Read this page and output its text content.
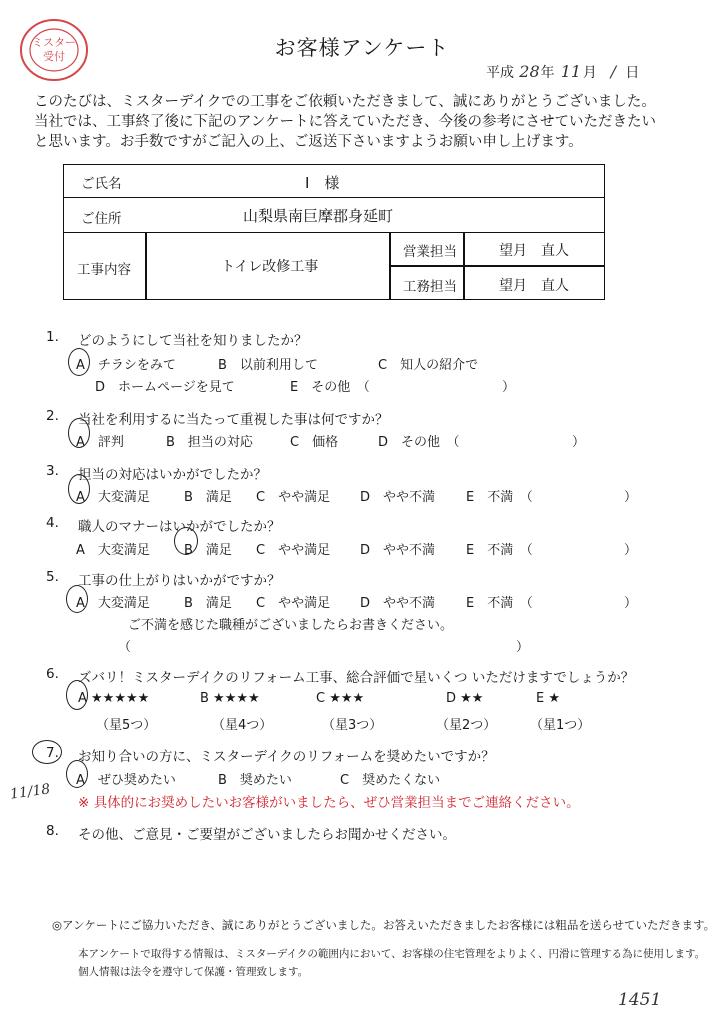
ミスター
受付	お客様アンケート
平成 28年 11 月 / 日
このたびは、ミスターデイクでの工事をご依頼いただきまして、誠にありがとうございました。
当社では、工事終了後に下記のアンケートに答えていただき、今後の参考にさせていただきたい
と思います。お手数ですがご記入の上、ご返送下さいますようお願い申し上げます。
ご氏名	I　様
ご住所	山梨県南巨摩郡身延町
工事内容	トイレ改修工事
営業担当	望月　直人
工務担当	望月　直人
1. どのようにして当社を知りましたか？
A　チラシをみて	B　以前利用して	C　知人の紹介で
D　ホームページを見て	E　その他　（	）
2. 当社を利用するに当たって重視した事は何ですか？
A　評判	B　担当の対応	C　価格	D　その他　（	）
3. 担当の対応はいかがでしたか？
A　大変満足	B　満足 C　やや満足 D　やや不満 E　不満　（	）
4. 職人のマナーはいかがでしたか？
A　大変満足	B　満足 C　やや満足 D　やや不満 E　不満　（	）
5. 工事の仕上がりはいかがですか？
A　大変満足	B　満足 C　やや満足 D　やや不満 E　不満　（	）
ご不満を感じた職種がございましたらお書きください。
（	）
6. ズバリ！ミスターデイクのリフォーム工事、総合評価で星いくつ いただけますでしょうか？
A ★★★★★	B ★★★★	C ★★★	D ★★	E ★
（星5つ）	（星4つ）	（星3つ）	（星2つ）	（星1つ）
7. お知り合いの方に、ミスターデイクのリフォームを奨めたいですか？
A　ぜひ奨めたい	B　奨めたい	C　奨めたくない
※ 具体的にお奨めしたいお客様がいましたら、ぜひ営業担当までご連絡ください。
11/18
8. その他、ご意見・ご要望がございましたらお聞かせください。
◎アンケートにご協力いただき、誠にありがとうございました。お答えいただきましたお客様には粗品を送らせていただきます。
本アンケートで取得する情報は、ミスターデイクの範囲内において、お客様の住宅管理をよりよく、円滑に管理する為に使用します。
個人情報は法令を遵守して保護・管理致します。
1451
